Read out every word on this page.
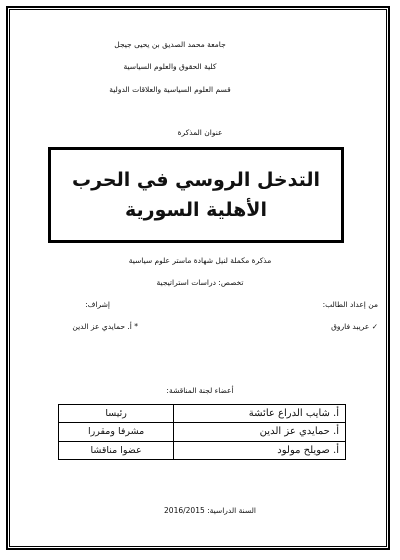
جامعة محمد الصديق بن يحيى جيجل
كلية الحقوق والعلوم السياسية
قسم العلوم السياسية والعلاقات الدولية
عنوان المذكرة
التدخل الروسي في الحرب
الأهلية السورية
مذكرة مكملة لنيل شهادة ماستر علوم سياسية
تخصص: دراسات استراتيجية
من إعداد الطالب:
✓ عريبد فاروق
إشراف:
* أ. حمايدي عز الدين
أعضاء لجنة المناقشة:
أ. شايب الدراع عائشة	رئيسا
أ. حمايدي عز الدين	مشرفا ومقررا
أ. صويلح مولود	عضوا مناقشا
السنة الدراسية: 2016/2015
